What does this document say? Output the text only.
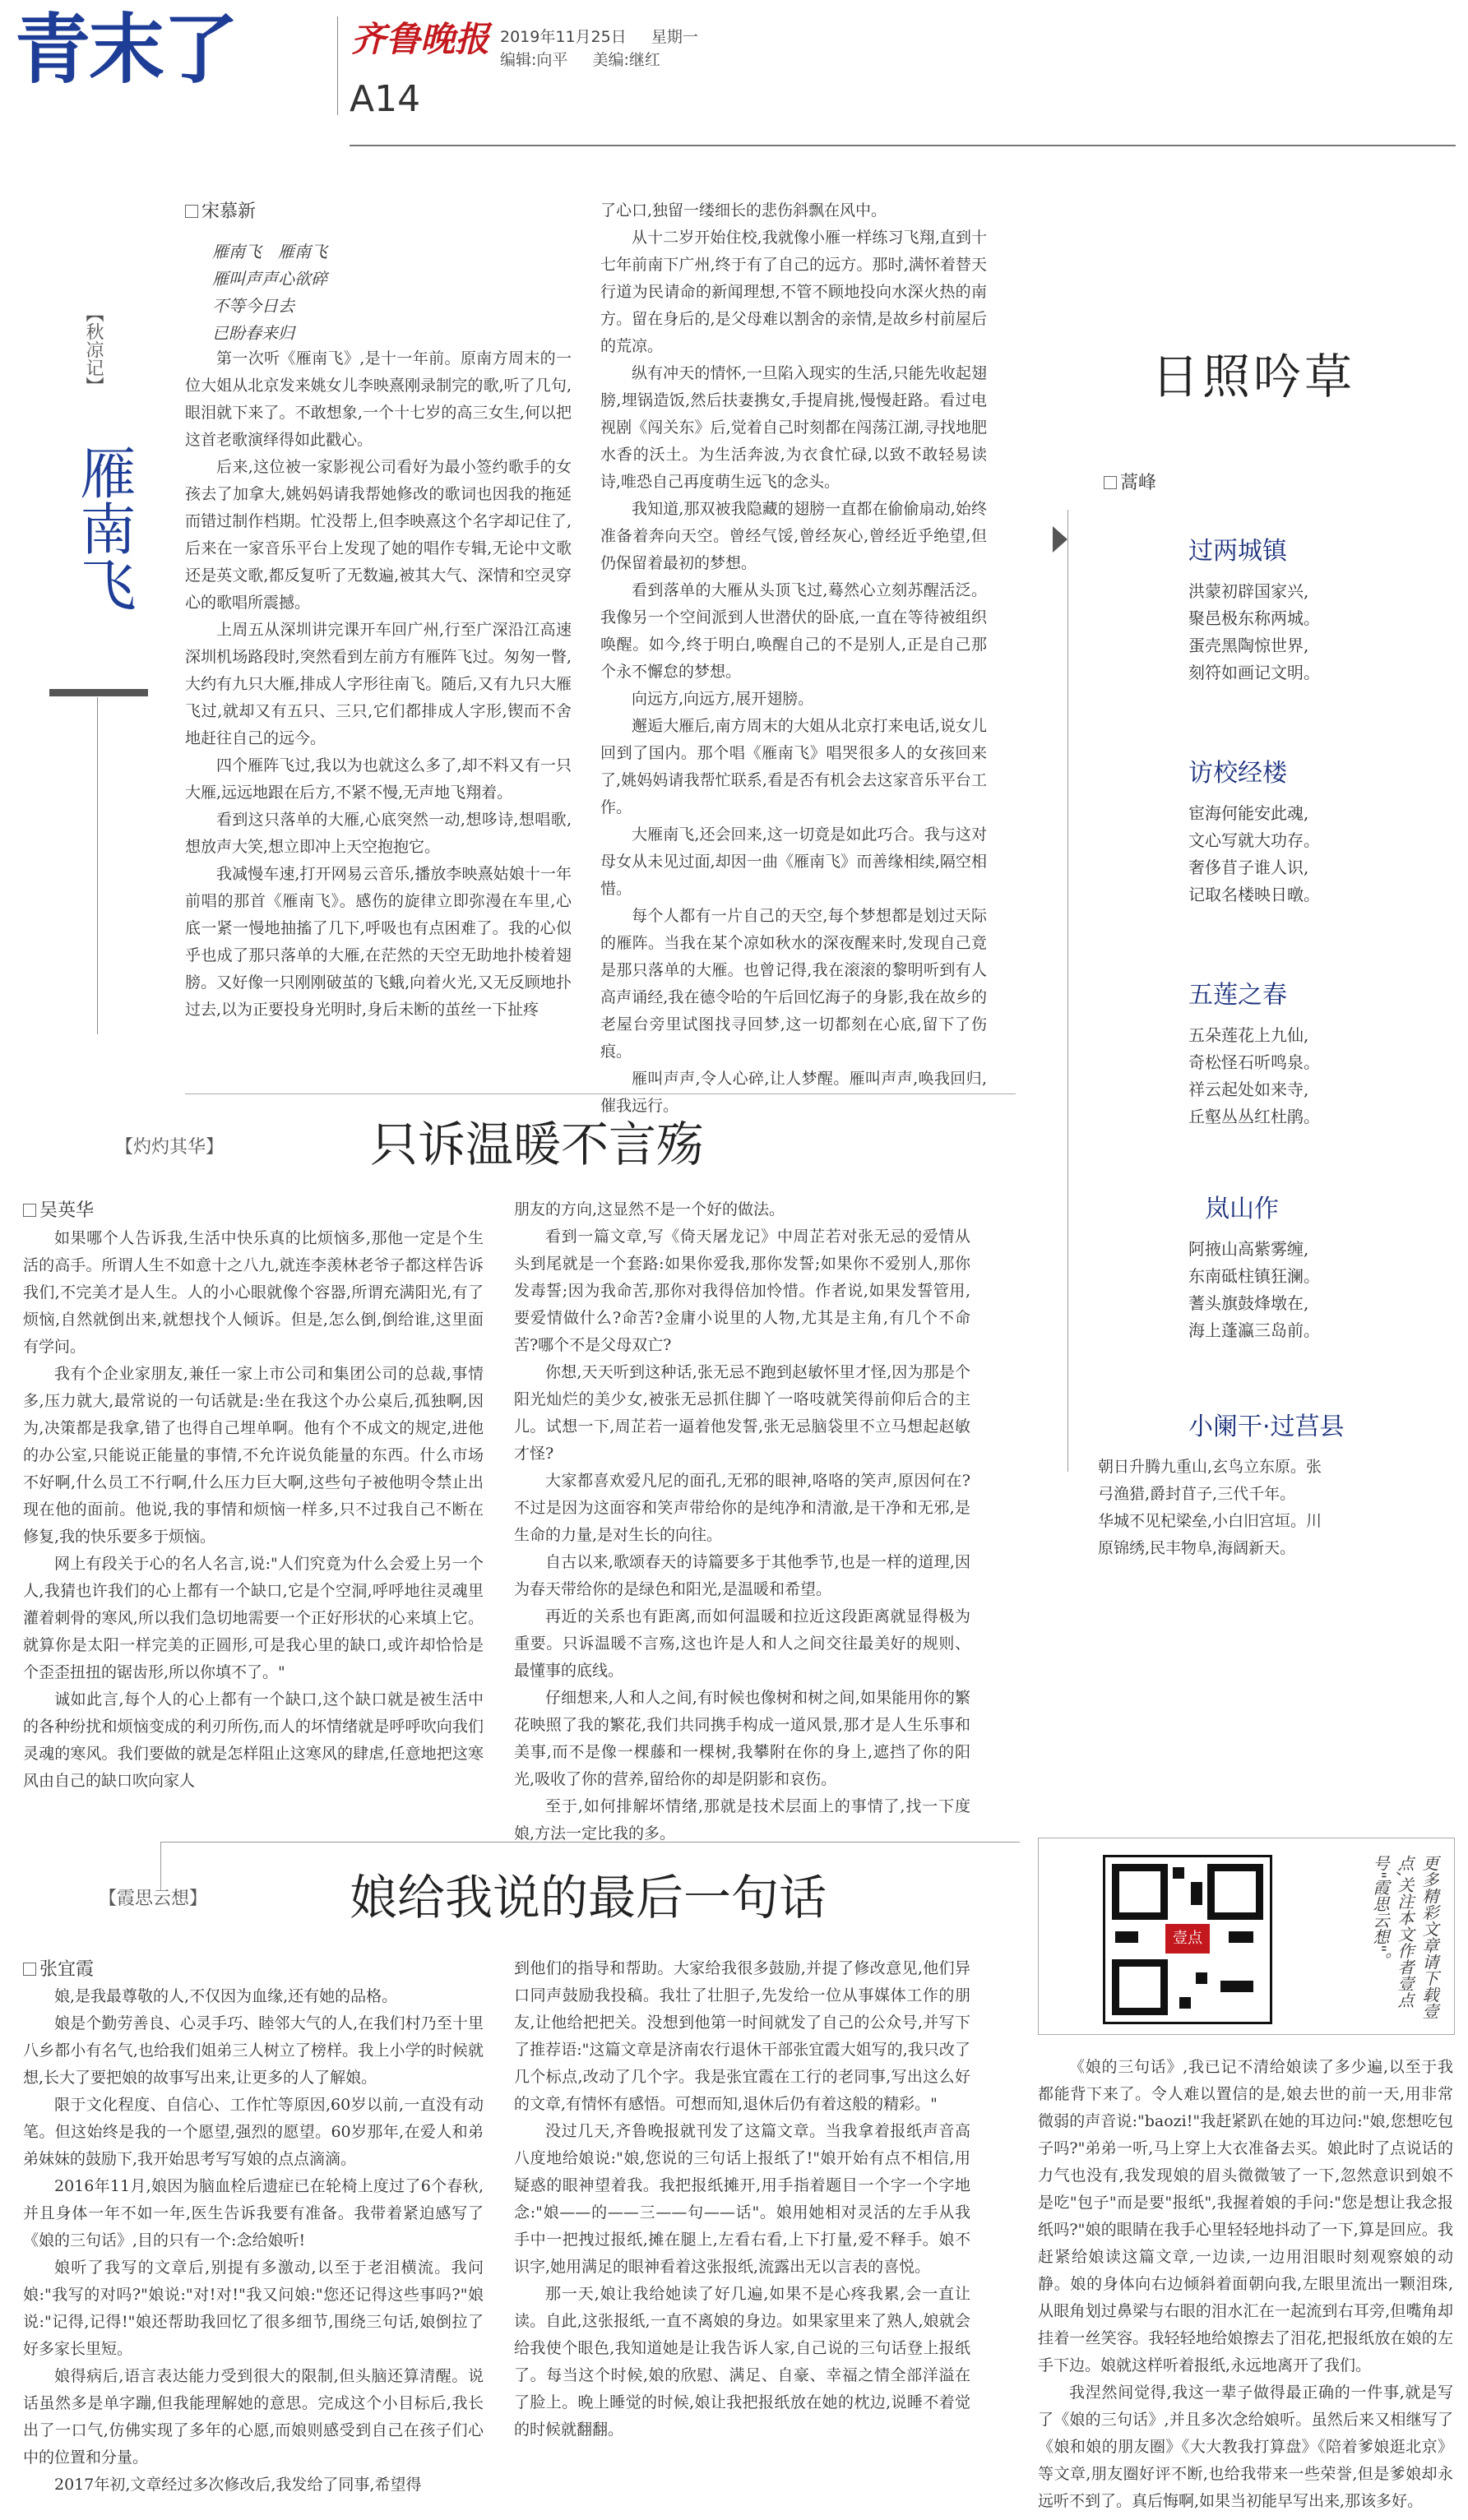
青末了	齐鲁晚报
A14
2019年11月25日 星期一
编辑:向平 美编:继红
【秋凉记】
雁南飞
宋慕新
雁南飞　雁南飞
雁叫声声心欲碎
不等今日去
已盼春来归

第一次听《雁南飞》,是十一年前。原南方周末的一位大姐从北京发来姚女儿李映熹刚录制完的歌,听了几句,眼泪就下来了。不敢想象,一个十七岁的高三女生,何以把这首老歌演绎得如此戳心。

后来,这位被一家影视公司看好为最小签约歌手的女孩去了加拿大,姚妈妈请我帮她修改的歌词也因我的拖延而错过制作档期。忙没帮上,但李映熹这个名字却记住了,后来在一家音乐平台上发现了她的唱作专辑,无论中文歌还是英文歌,都反复听了无数遍,被其大气、深情和空灵穿心的歌唱所震撼。

上周五从深圳讲完课开车回广州,行至广深沿江高速深圳机场路段时,突然看到左前方有雁阵飞过。匆匆一瞥,大约有九只大雁,排成人字形往南飞。随后,又有九只大雁飞过,就却又有五只、三只,它们都排成人字形,锲而不舍地赶往自己的远今。

四个雁阵飞过,我以为也就这么多了,却不料又有一只大雁,远远地跟在后方,不紧不慢,无声地飞翔着。

看到这只落单的大雁,心底突然一动,想哆诗,想唱歌,想放声大笑,想立即冲上天空抱抱它。

我减慢车速,打开网易云音乐,播放李映熹姑娘十一年前唱的那首《雁南飞》。感伤的旋律立即弥漫在车里,心底一紧一慢地抽搐了几下,呼吸也有点困难了。我的心似乎也成了那只落单的大雁,在茫然的天空无助地扑棱着翅膀。又好像一只刚刚破茧的飞蛾,向着火光,又无反顾地扑过去,以为正要投身光明时,身后未断的茧丝一下扯疼

了心口,独留一缕细长的悲伤斜飘在风中。

从十二岁开始住校,我就像小雁一样练习飞翔,直到十七年前南下广州,终于有了自己的远方。那时,满怀着替天行道为民请命的新闻理想,不管不顾地投向水深火热的南方。留在身后的,是父母难以割舍的亲情,是故乡村前屋后的荒凉。

纵有冲天的情怀,一旦陷入现实的生活,只能先收起翅膀,埋锅造饭,然后扶妻携女,手提肩挑,慢慢赶路。看过电视剧《闯关东》后,觉着自己时刻都在闯荡江湖,寻找地肥水香的沃土。为生活奔波,为衣食忙碌,以致不敢轻易读诗,唯恐自己再度萌生远飞的念头。

我知道,那双被我隐藏的翅膀一直都在偷偷扇动,始终准备着奔向天空。曾经气馁,曾经灰心,曾经近乎绝望,但仍保留着最初的梦想。

看到落单的大雁从头顶飞过,蓦然心立刻苏醒活泛。我像另一个空间派到人世潜伏的卧底,一直在等待被组织唤醒。如今,终于明白,唤醒自己的不是别人,正是自己那个永不懈怠的梦想。

向远方,向远方,展开翅膀。

邂逅大雁后,南方周末的大姐从北京打来电话,说女儿回到了国内。那个唱《雁南飞》唱哭很多人的女孩回来了,姚妈妈请我帮忙联系,看是否有机会去这家音乐平台工作。

大雁南飞,还会回来,这一切竟是如此巧合。我与这对母女从未见过面,却因一曲《雁南飞》而善缘相续,隔空相惜。

每个人都有一片自己的天空,每个梦想都是划过天际的雁阵。当我在某个凉如秋水的深夜醒来时,发现自己竟是那只落单的大雁。也曾记得,我在滚滚的黎明听到有人高声诵经,我在德令哈的午后回忆海子的身影,我在故乡的老屋台旁里试图找寻回梦,这一切都刻在心底,留下了伤痕。

雁叫声声,令人心碎,让人梦醒。雁叫声声,唤我回归,催我远行。

日照吟草
蒿峰
过两城镇
洪蒙初辟国家兴,
聚邑极东称两城。
蛋壳黑陶惊世界,
刻符如画记文明。
访校经楼
宦海何能安此魂,
文心写就大功存。
奢侈苜子谁人识,
记取名楼映日暾。
五莲之春
五朵莲花上九仙,
奇松怪石听鸣泉。
祥云起处如来寺,
丘壑丛丛红杜鹃。
岚山作
阿掖山高紫雾缠,
东南砥柱镇狂澜。
蓍头旗鼓烽墩在,
海上蓬瀛三岛前。
小阑干·过莒县
朝日升腾九重山,玄鸟立东原。张
弓渔猎,爵封苜子,三代千年。
华城不见杞梁垒,小白旧宫垣。川
原锦绣,民丰物阜,海阔新天。
【灼灼其华】	只诉温暖不言殇
吴英华

如果哪个人告诉我,生活中快乐真的比烦恼多,那他一定是个生活的高手。所谓人生不如意十之八九,就连李羡林老爷子都这样告诉我们,不完美才是人生。人的小心眼就像个容器,所谓充满阳光,有了烦恼,自然就倒出来,就想找个人倾诉。但是,怎么倒,倒给谁,这里面有学问。

我有个企业家朋友,兼任一家上市公司和集团公司的总裁,事情多,压力就大,最常说的一句话就是:坐在我这个办公桌后,孤独啊,因为,决策都是我拿,错了也得自己埋单啊。他有个不成文的规定,进他的办公室,只能说正能量的事情,不允许说负能量的东西。什么市场不好啊,什么员工不行啊,什么压力巨大啊,这些句子被他明令禁止出现在他的面前。他说,我的事情和烦恼一样多,只不过我自己不断在修复,我的快乐要多于烦恼。

网上有段关于心的名人名言,说:"人们究竟为什么会爱上另一个人,我猜也许我们的心上都有一个缺口,它是个空洞,呼呼地往灵魂里灌着刺骨的寒风,所以我们急切地需要一个正好形状的心来填上它。就算你是太阳一样完美的正圆形,可是我心里的缺口,或许却恰恰是个歪歪扭扭的锯齿形,所以你填不了。"

诚如此言,每个人的心上都有一个缺口,这个缺口就是被生活中的各种纷扰和烦恼变成的利刃所伤,而人的坏情绪就是呼呼吹向我们灵魂的寒风。我们要做的就是怎样阻止这寒风的肆虐,任意地把这寒风由自己的缺口吹向家人

朋友的方向,这显然不是一个好的做法。

看到一篇文章,写《倚天屠龙记》中周芷若对张无忌的爱情从头到尾就是一个套路:如果你爱我,那你发誓;如果你不爱别人,那你发毒誓;因为我命苦,那你对我得倍加怜惜。作者说,如果发誓管用,要爱情做什么?命苦?金庸小说里的人物,尤其是主角,有几个不命苦?哪个不是父母双亡?

你想,天天听到这种话,张无忌不跑到赵敏怀里才怪,因为那是个阳光灿烂的美少女,被张无忌抓住脚丫一咯吱就笑得前仰后合的主儿。试想一下,周芷若一逼着他发誓,张无忌脑袋里不立马想起赵敏才怪?

大家都喜欢爱凡尼的面孔,无邪的眼神,咯咯的笑声,原因何在?不过是因为这面容和笑声带给你的是纯净和清澈,是干净和无邪,是生命的力量,是对生长的向往。

自古以来,歌颂春天的诗篇要多于其他季节,也是一样的道理,因为春天带给你的是绿色和阳光,是温暖和希望。

再近的关系也有距离,而如何温暖和拉近这段距离就显得极为重要。只诉温暖不言殇,这也许是人和人之间交往最美好的规则、最懂事的底线。

仔细想来,人和人之间,有时候也像树和树之间,如果能用你的繁花映照了我的繁花,我们共同携手构成一道风景,那才是人生乐事和美事,而不是像一棵藤和一棵树,我攀附在你的身上,遮挡了你的阳光,吸收了你的营养,留给你的却是阴影和哀伤。

至于,如何排解坏情绪,那就是技术层面上的事情了,找一下度娘,方法一定比我的多。

【霞思云想】	娘给我说的最后一句话
张宜霞

娘,是我最尊敬的人,不仅因为血缘,还有她的品格。

娘是个勤劳善良、心灵手巧、睦邻大气的人,在我们村乃至十里八乡都小有名气,也给我们姐弟三人树立了榜样。我上小学的时候就想,长大了要把娘的故事写出来,让更多的人了解娘。

限于文化程度、自信心、工作忙等原因,60岁以前,一直没有动笔。但这始终是我的一个愿望,强烈的愿望。60岁那年,在爱人和弟弟妹妹的鼓励下,我开始思考写写娘的点点滴滴。

2016年11月,娘因为脑血栓后遗症已在轮椅上度过了6个春秋,并且身体一年不如一年,医生告诉我要有准备。我带着紧迫感写了《娘的三句话》,目的只有一个:念给娘听!

娘听了我写的文章后,别提有多激动,以至于老泪横流。我问娘:"我写的对吗?"娘说:"对!对!"我又问娘:"您还记得这些事吗?"娘说:"记得,记得!"娘还帮助我回忆了很多细节,围绕三句话,娘倒拉了好多家长里短。

娘得病后,语言表达能力受到很大的限制,但头脑还算清醒。说话虽然多是单字蹦,但我能理解她的意思。完成这个小目标后,我长出了一口气,仿佛实现了多年的心愿,而娘则感受到自己在孩子们心中的位置和分量。

2017年初,文章经过多次修改后,我发给了同事,希望得

到他们的指导和帮助。大家给我很多鼓励,并提了修改意见,他们异口同声鼓励我投稿。我壮了壮胆子,先发给一位从事媒体工作的朋友,让他给把把关。没想到他第一时间就发了自己的公众号,并写下了推荐语:"这篇文章是济南农行退休干部张宜霞大姐写的,我只改了几个标点,改动了几个字。我是张宜霞在工行的老同事,写出这么好的文章,有情怀有感悟。可想而知,退休后仍有着这般的精彩。"

没过几天,齐鲁晚报就刊发了这篇文章。当我拿着报纸声音高八度地给娘说:"娘,您说的三句话上报纸了!"娘开始有点不相信,用疑惑的眼神望着我。我把报纸摊开,用手指着题目一个字一个字地念:"娘——的——三——句——话"。娘用她相对灵活的左手从我手中一把拽过报纸,摊在腿上,左看右看,上下打量,爱不释手。娘不识字,她用满足的眼神看着这张报纸,流露出无以言表的喜悦。

那一天,娘让我给她读了好几遍,如果不是心疼我累,会一直让读。自此,这张报纸,一直不离娘的身边。如果家里来了熟人,娘就会给我使个眼色,我知道她是让我告诉人家,自己说的三句话登上报纸了。每当这个时候,娘的欣慰、满足、自豪、幸福之情全部洋溢在了脸上。晚上睡觉的时候,娘让我把报纸放在她的枕边,说睡不着觉的时候就翻翻。

壹点	更多精彩文章请下载壹点,关注本文作者壹点号"霞思云想"。

《娘的三句话》,我已记不清给娘读了多少遍,以至于我都能背下来了。令人难以置信的是,娘去世的前一天,用非常微弱的声音说:"baozi!"我赶紧趴在她的耳边问:"娘,您想吃包子吗?"弟弟一听,马上穿上大衣准备去买。娘此时了点说话的力气也没有,我发现娘的眉头微微皱了一下,忽然意识到娘不是吃"包子"而是要"报纸",我握着娘的手问:"您是想让我念报纸吗?"娘的眼睛在我手心里轻轻地抖动了一下,算是回应。我赶紧给娘读这篇文章,一边读,一边用泪眼时刻观察娘的动静。娘的身体向右边倾斜着面朝向我,左眼里流出一颗泪珠,从眼角划过鼻梁与右眼的泪水汇在一起流到右耳旁,但嘴角却挂着一丝笑容。我轻轻地给娘擦去了泪花,把报纸放在娘的左手下边。娘就这样听着报纸,永远地离开了我们。

我涅然间觉得,我这一辈子做得最正确的一件事,就是写了《娘的三句话》,并且多次念给娘听。虽然后来又相继写了《娘和娘的朋友圈》《大大教我打算盘》《陪着爹娘逛北京》等文章,朋友圈好评不断,也给我带来一些荣誉,但是爹娘却永远听不到了。真后悔啊,如果当初能早写出来,那该多好。
